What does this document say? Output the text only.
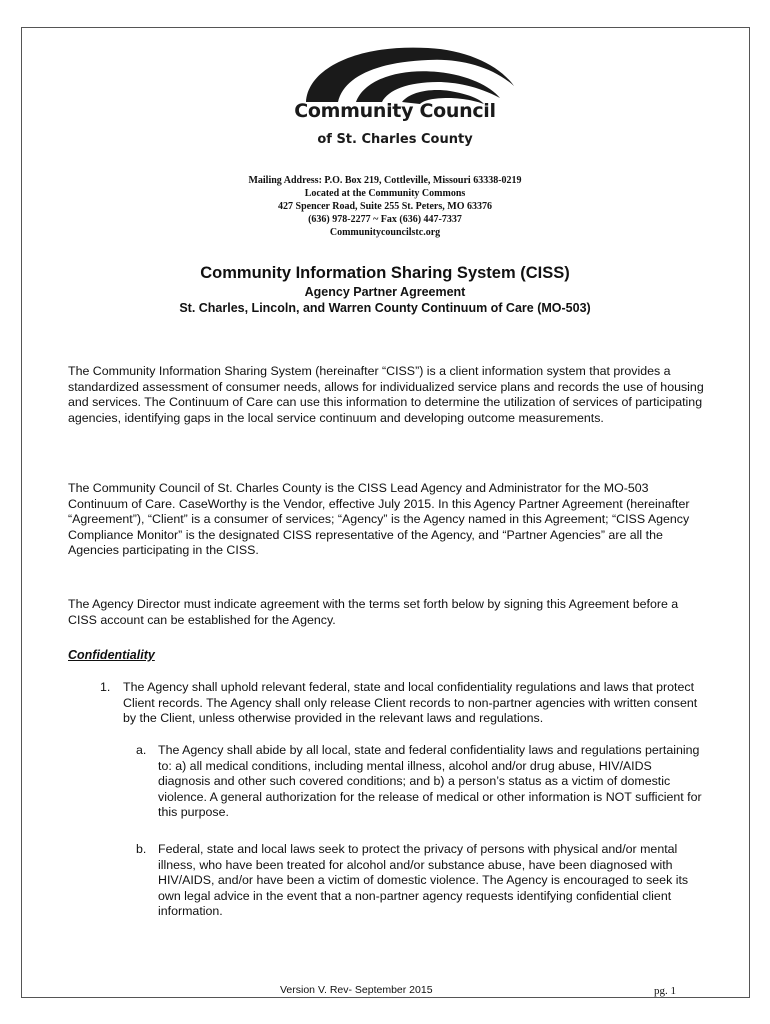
Community Council
of St. Charles County
Mailing Address: P.O. Box 219, Cottleville, Missouri 63338-0219
Located at the Community Commons
427 Spencer Road, Suite 255 St. Peters, MO 63376
(636) 978-2277 ~ Fax (636) 447-7337
Communitycouncilstc.org
Community Information Sharing System (CISS)
Agency Partner Agreement
St. Charles, Lincoln, and Warren County Continuum of Care (MO-503)

The Community Information Sharing System (hereinafter “CISS”) is a client information system that provides a standardized assessment of consumer needs, allows for individualized service plans and records the use of housing and services. The Continuum of Care can use this information to determine the utilization of services of participating agencies, identifying gaps in the local service continuum and developing outcome measurements.

The Community Council of St. Charles County is the CISS Lead Agency and Administrator for the MO-503 Continuum of Care. CaseWorthy is the Vendor, effective July 2015. In this Agency Partner Agreement (hereinafter “Agreement”), “Client” is a consumer of services; “Agency” is the Agency named in this Agreement; “CISS Agency Compliance Monitor” is the designated CISS representative of the Agency, and “Partner Agencies” are all the Agencies participating in the CISS.

The Agency Director must indicate agreement with the terms set forth below by signing this Agreement before a CISS account can be established for the Agency.

Confidentiality
1. The Agency shall uphold relevant federal, state and local confidentiality regulations and laws that protect Client records. The Agency shall only release Client records to non-partner agencies with written consent by the Client, unless otherwise provided in the relevant laws and regulations.
a. The Agency shall abide by all local, state and federal confidentiality laws and regulations pertaining to: a) all medical conditions, including mental illness, alcohol and/or drug abuse, HIV/AIDS diagnosis and other such covered conditions; and b) a person’s status as a victim of domestic violence. A general authorization for the release of medical or other information is NOT sufficient for this purpose.
b. Federal, state and local laws seek to protect the privacy of persons with physical and/or mental illness, who have been treated for alcohol and/or substance abuse, have been diagnosed with HIV/AIDS, and/or have been a victim of domestic violence. The Agency is encouraged to seek its own legal advice in the event that a non-partner agency requests identifying confidential client information.
Version V. Rev- September 2015	pg. 1
